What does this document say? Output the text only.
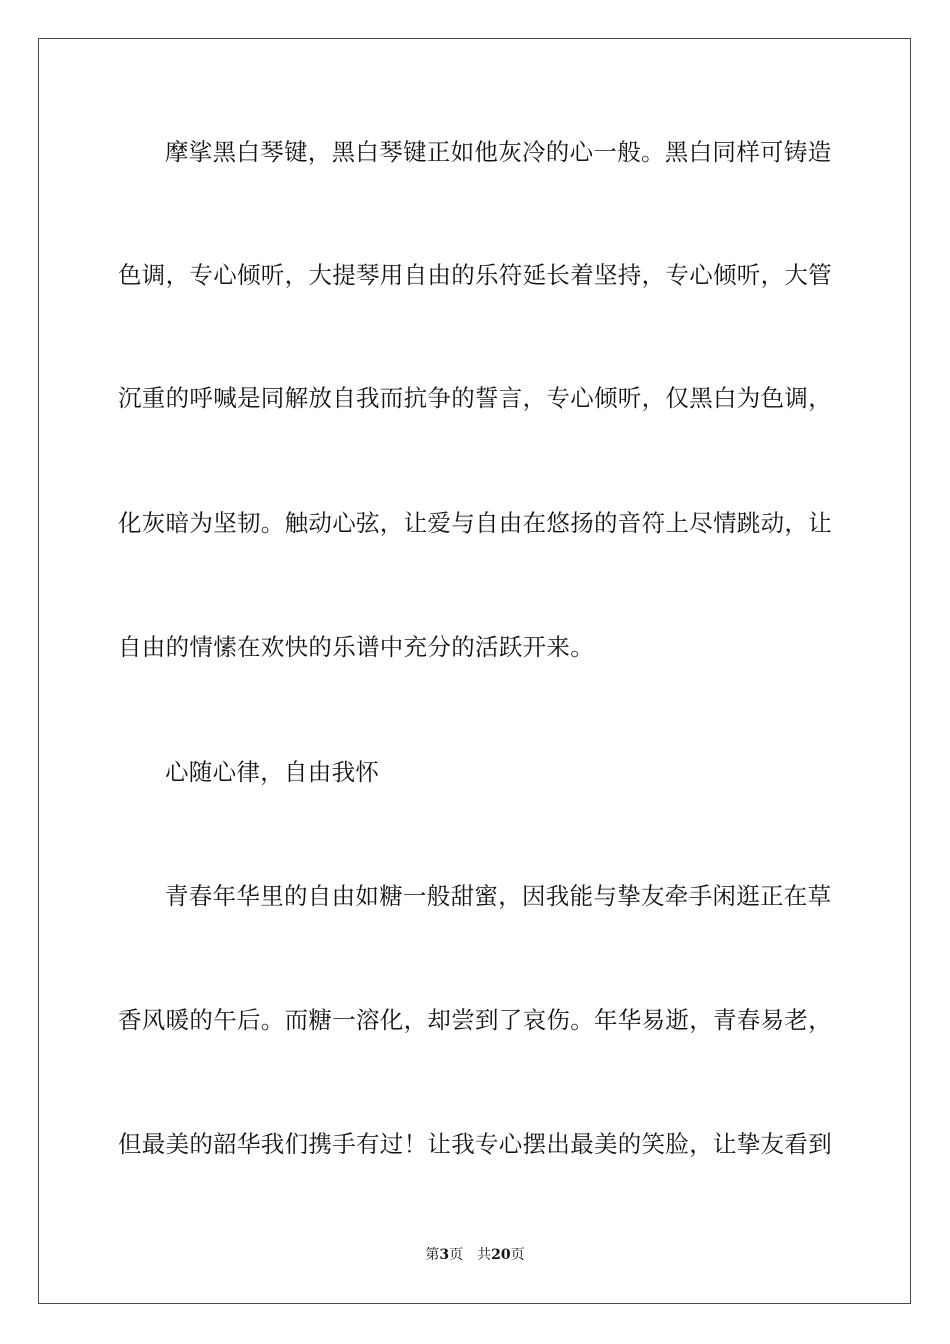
摩挲黑白琴键，黑白琴键正如他灰冷的心一般。黑白同样可铸造
色调，专心倾听，大提琴用自由的乐符延长着坚持，专心倾听，大管
沉重的呼喊是同解放自我而抗争的誓言，专心倾听，仅黑白为色调，
化灰暗为坚韧。触动心弦，让爱与自由在悠扬的音符上尽情跳动，让
自由的情愫在欢快的乐谱中充分的活跃开来。
心随心律，自由我怀
青春年华里的自由如糖一般甜蜜，因我能与挚友牵手闲逛正在草
香风暖的午后。而糖一溶化，却尝到了哀伤。年华易逝，青春易老，
但最美的韶华我们携手有过！让我专心摆出最美的笑脸，让挚友看到
第3页 共20页
